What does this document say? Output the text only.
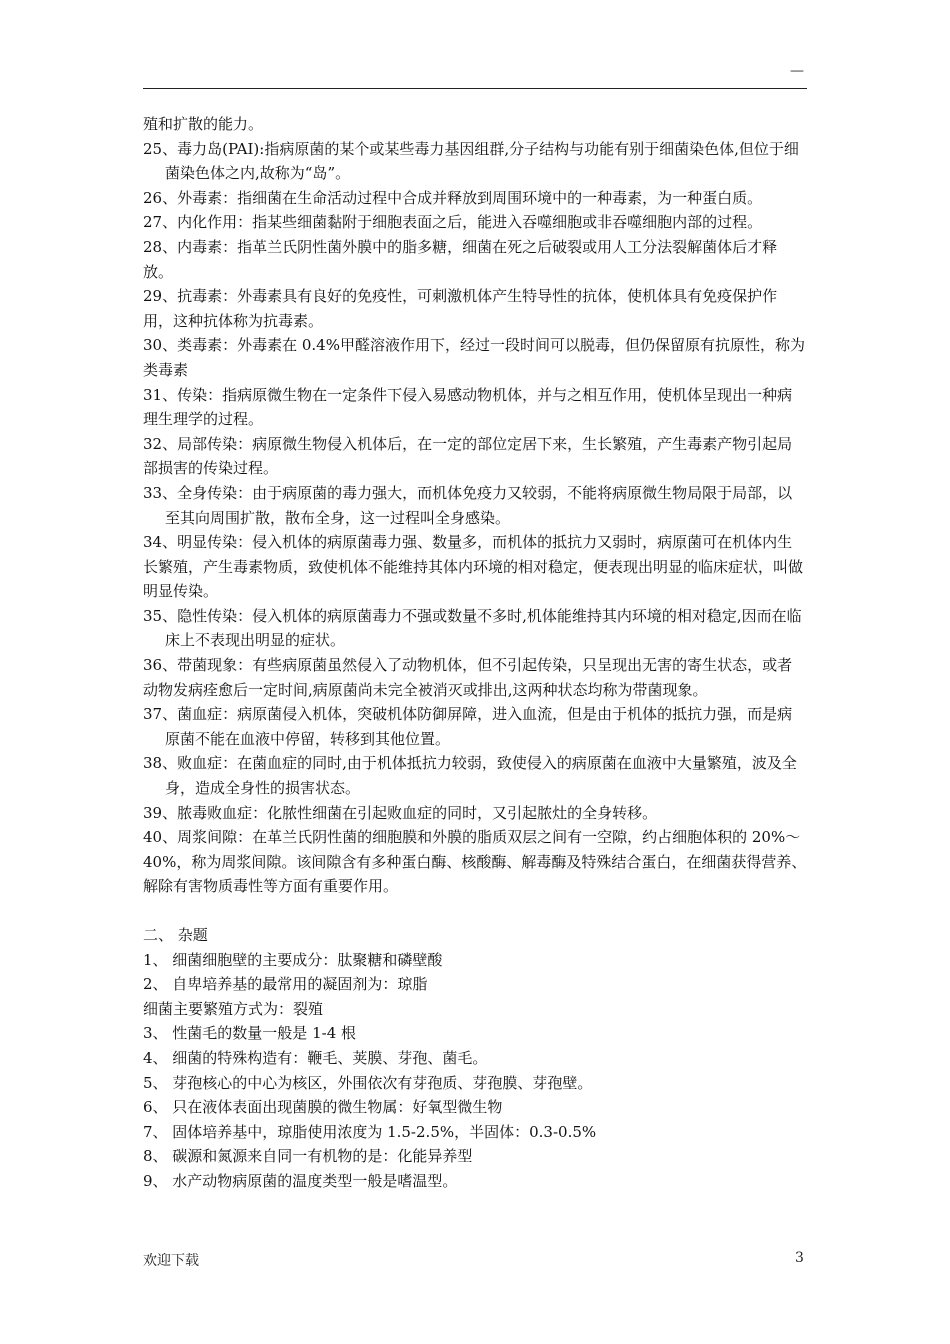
—

殖和扩散的能力。

25、毒力岛(PAI):指病原菌的某个或某些毒力基因组群,分子结构与功能有别于细菌染色体,但位于细菌染色体之内,故称为“岛”。

26、外毒素：指细菌在生命活动过程中合成并释放到周围环境中的一种毒素，为一种蛋白质。

27、内化作用：指某些细菌黏附于细胞表面之后，能进入吞噬细胞或非吞噬细胞内部的过程。

28、内毒素：指革兰氏阴性菌外膜中的脂多糖，细菌在死之后破裂或用人工分法裂解菌体后才释放。

29、抗毒素：外毒素具有良好的免疫性，可刺激机体产生特导性的抗体，使机体具有免疫保护作用，这种抗体称为抗毒素。

30、类毒素：外毒素在 0.4%甲醛溶液作用下，经过一段时间可以脱毒，但仍保留原有抗原性，称为类毒素

31、传染：指病原微生物在一定条件下侵入易感动物机体，并与之相互作用，使机体呈现出一种病理生理学的过程。

32、局部传染：病原微生物侵入机体后，在一定的部位定居下来，生长繁殖，产生毒素产物引起局部损害的传染过程。

33、全身传染：由于病原菌的毒力强大，而机体免疫力又较弱，不能将病原微生物局限于局部，以至其向周围扩散，散布全身，这一过程叫全身感染。

34、明显传染：侵入机体的病原菌毒力强、数量多，而机体的抵抗力又弱时，病原菌可在机体内生长繁殖，产生毒素物质，致使机体不能维持其体内环境的相对稳定，便表现出明显的临床症状，叫做明显传染。

35、隐性传染：侵入机体的病原菌毒力不强或数量不多时,机体能维持其内环境的相对稳定,因而在临床上不表现出明显的症状。

36、带菌现象：有些病原菌虽然侵入了动物机体，但不引起传染，只呈现出无害的寄生状态，或者动物发病痊愈后一定时间,病原菌尚未完全被消灭或排出,这两种状态均称为带菌现象。

37、菌血症：病原菌侵入机体，突破机体防御屏障，进入血流，但是由于机体的抵抗力强，而是病原菌不能在血液中停留，转移到其他位置。

38、败血症：在菌血症的同时,由于机体抵抗力较弱，致使侵入的病原菌在血液中大量繁殖，波及全身，造成全身性的损害状态。

39、脓毒败血症：化脓性细菌在引起败血症的同时，又引起脓灶的全身转移。

40、周浆间隙：在革兰氏阴性菌的细胞膜和外膜的脂质双层之间有一空隙，约占细胞体积的 20%～40%，称为周浆间隙。该间隙含有多种蛋白酶、核酸酶、解毒酶及特殊结合蛋白，在细菌获得营养、解除有害物质毒性等方面有重要作用。

二、 杂题

1、 细菌细胞壁的主要成分：肽聚糖和磷壁酸

2、 自卑培养基的最常用的凝固剂为：琼脂

细菌主要繁殖方式为：裂殖

3、 性菌毛的数量一般是 1-4 根

4、 细菌的特殊构造有：鞭毛、荚膜、芽孢、菌毛。

5、 芽孢核心的中心为核区，外围依次有芽孢质、芽孢膜、芽孢壁。

6、 只在液体表面出现菌膜的微生物属：好氧型微生物

7、 固体培养基中，琼脂使用浓度为 1.5-2.5%，半固体：0.3-0.5%

8、 碳源和氮源来自同一有机物的是：化能异养型

9、 水产动物病原菌的温度类型一般是嗜温型。

欢迎下载	3
